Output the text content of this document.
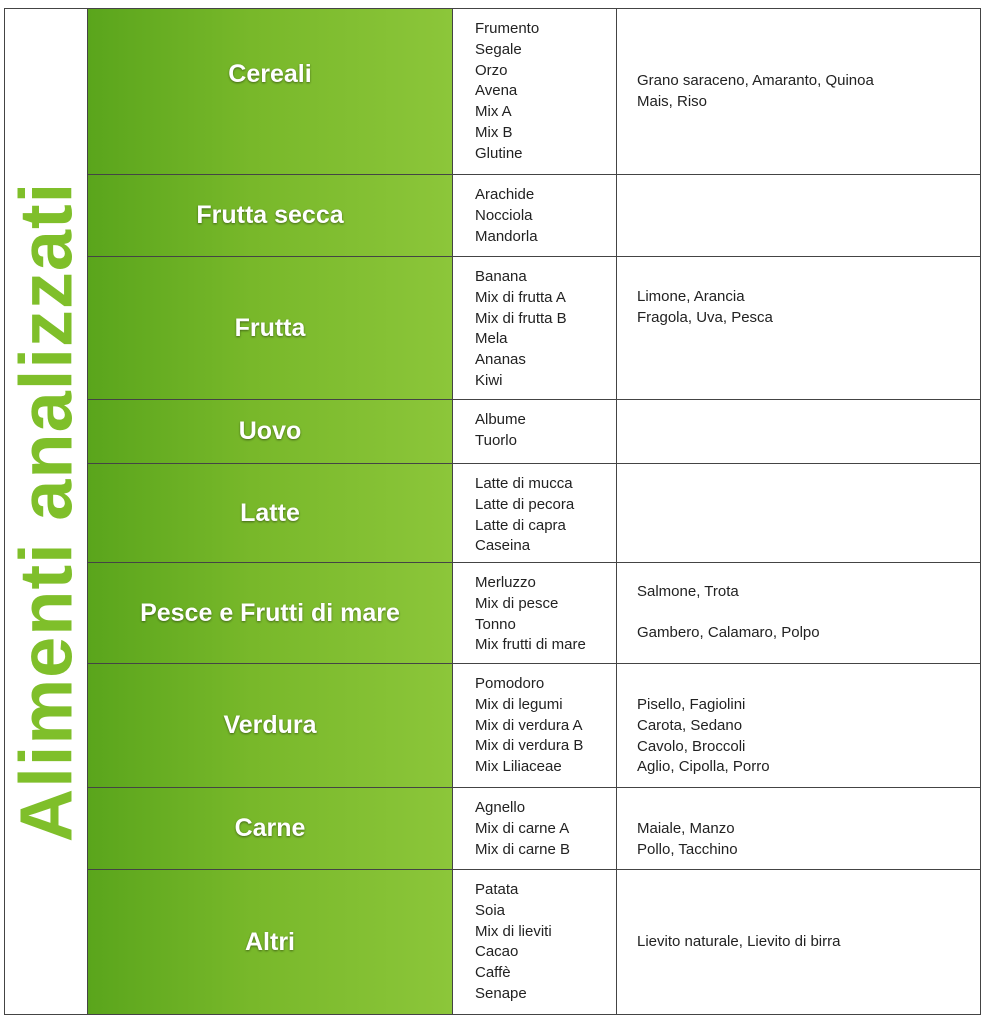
Alimenti analizzati
Cereali
Frumento
Segale
Orzo
Avena
Mix A
Mix B
Glutine
Grano saraceno, Amaranto, Quinoa
Mais, Riso
Frutta secca
Arachide
Nocciola
Mandorla
Frutta
Banana
Mix di frutta A
Mix di frutta B
Mela
Ananas
Kiwi
Limone, Arancia
Fragola, Uva, Pesca
Uovo	Albume
Tuorlo
Latte
Latte di mucca
Latte di pecora
Latte di capra
Caseina
Pesce e Frutti di mare
Merluzzo
Mix di pesce
Tonno
Mix frutti di mare
Salmone, Trota
Gambero, Calamaro, Polpo
Verdura
Pomodoro
Mix di legumi
Mix di verdura A
Mix di verdura B
Mix Liliaceae
Pisello, Fagiolini
Carota, Sedano
Cavolo, Broccoli
Aglio, Cipolla, Porro
Carne
Agnello
Mix di carne A
Mix di carne B
Maiale, Manzo
Pollo, Tacchino
Altri
Patata
Soia
Mix di lieviti
Cacao
Caffè
Senape
Lievito naturale, Lievito di birra
